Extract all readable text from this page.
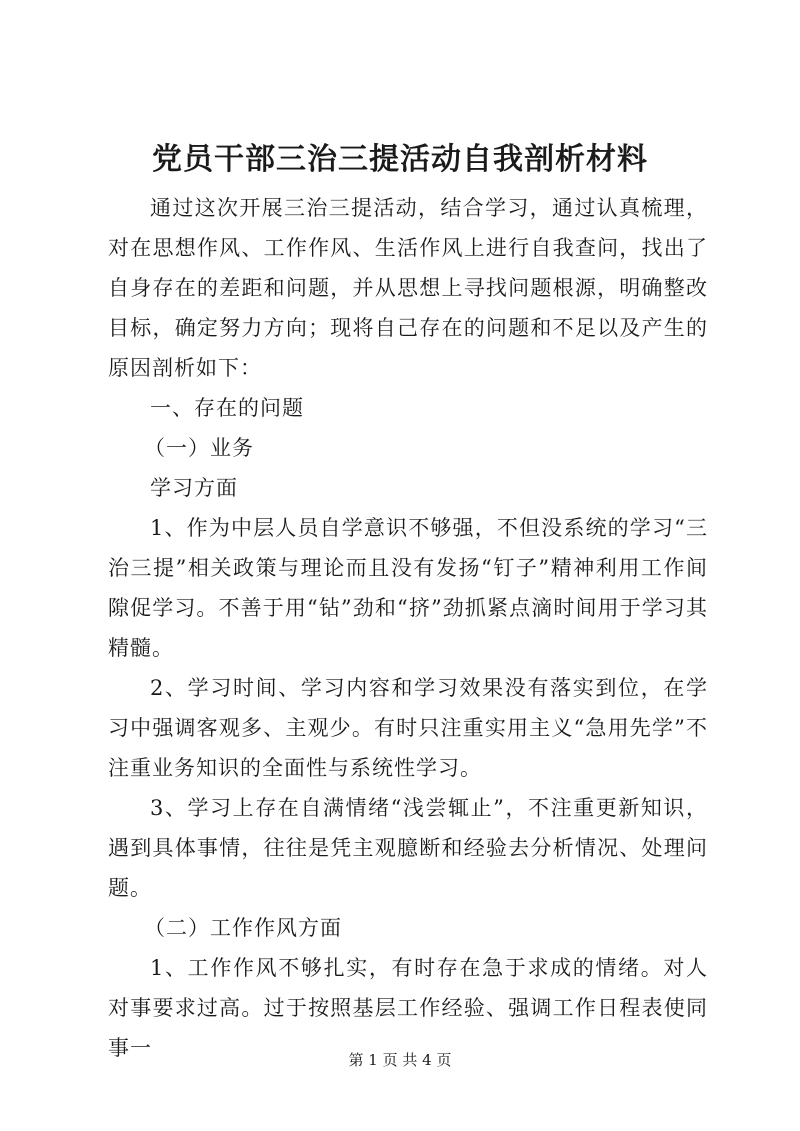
党员干部三治三提活动自我剖析材料

通过这次开展三治三提活动，结合学习，通过认真梳理，对在思想作风、工作作风、生活作风上进行自我查问，找出了自身存在的差距和问题，并从思想上寻找问题根源，明确整改目标，确定努力方向；现将自己存在的问题和不足以及产生的原因剖析如下：

一、存在的问题

（一）业务

学习方面

1、作为中层人员自学意识不够强，不但没系统的学习“三治三提”相关政策与理论而且没有发扬“钉子”精神利用工作间隙促学习。不善于用“钻”劲和“挤”劲抓紧点滴时间用于学习其精髓。

2、学习时间、学习内容和学习效果没有落实到位，在学习中强调客观多、主观少。有时只注重实用主义“急用先学”不注重业务知识的全面性与系统性学习。

3、学习上存在自满情绪“浅尝辄止”，不注重更新知识，遇到具体事情，往往是凭主观臆断和经验去分析情况、处理问题。

（二）工作作风方面

1、工作作风不够扎实，有时存在急于求成的情绪。对人对事要求过高。过于按照基层工作经验、强调工作日程表使同事一	第 1 页 共 4 页
